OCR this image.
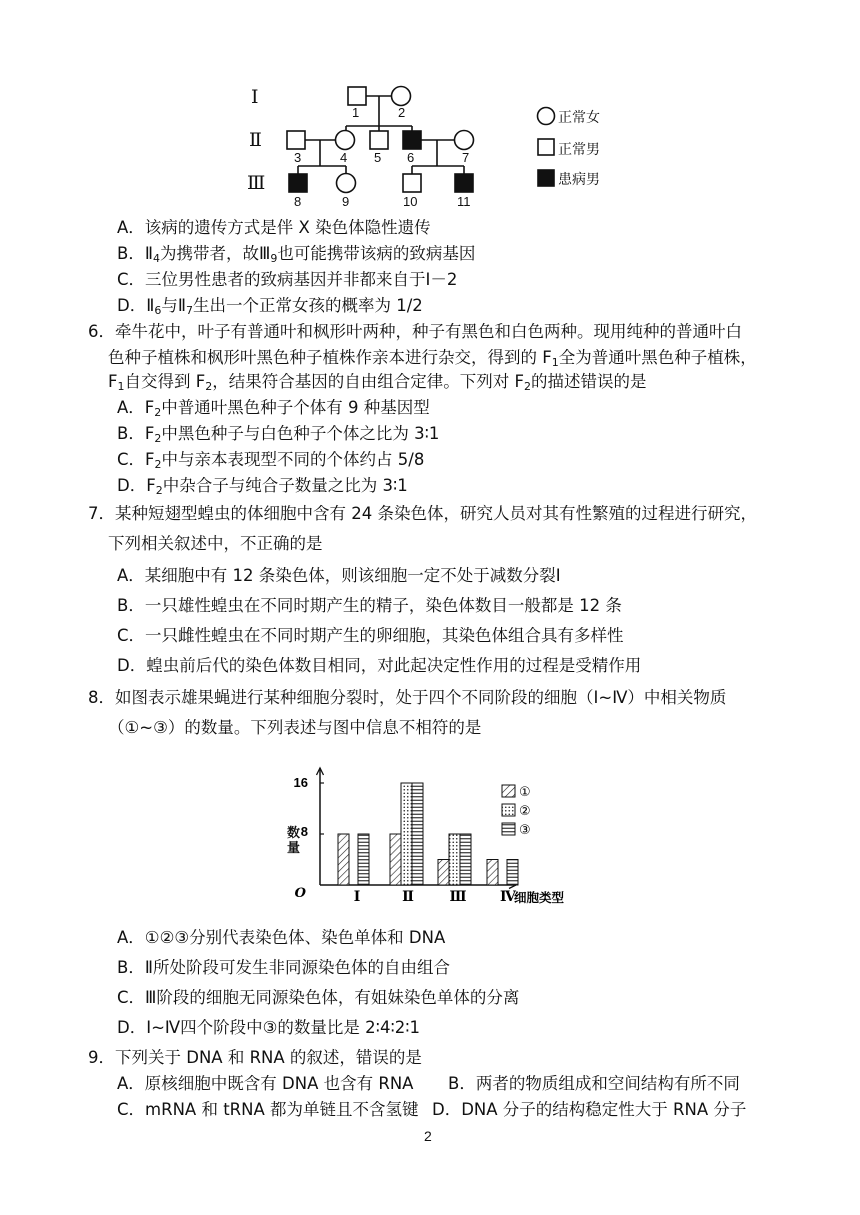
Ⅰ
Ⅱ
Ⅲ
1	2
3	4 5 6	7
8	9	10	11
正常女
正常男
患病男
A．该病的遗传方式是伴 X 染色体隐性遗传
B．$Ⅱ_4$为携带者，故$Ⅲ_9$也可能携带该病的致病基因
C．三位男性患者的致病基因并非都来自于Ⅰ－2
D．$Ⅱ_6$与$Ⅱ_7$生出一个正常女孩的概率为 1/2
6．牵牛花中，叶子有普通叶和枫形叶两种，种子有黑色和白色两种。现用纯种的普通叶白
色种子植株和枫形叶黑色种子植株作亲本进行杂交，得到的 $F_1$全为普通叶黑色种子植株，
$F_1$自交得到 $F_2$，结果符合基因的自由组合定律。下列对 $F_2$的描述错误的是
A．$F_2$中普通叶黑色种子个体有 9 种基因型
B．$F_2$中黑色种子与白色种子个体之比为 3∶1
C．$F_2$中与亲本表现型不同的个体约占 5/8
D．$F_2$中杂合子与纯合子数量之比为 3∶1
7．某种短翅型蝗虫的体细胞中含有 24 条染色体，研究人员对其有性繁殖的过程进行研究，
下列相关叙述中，不正确的是
A．某细胞中有 12 条染色体，则该细胞一定不处于减数分裂Ⅰ
B．一只雄性蝗虫在不同时期产生的精子，染色体数目一般都是 12 条
C．一只雌性蝗虫在不同时期产生的卵细胞，其染色体组合具有多样性
D．蝗虫前后代的染色体数目相同，对此起决定性作用的过程是受精作用
8．如图表示雄果蝇进行某种细胞分裂时，处于四个不同阶段的细胞（Ⅰ~Ⅳ）中相关物质
（①~③）的数量。下列表述与图中信息不相符的是
16
8
O	Ⅰ	Ⅱ	Ⅲ Ⅳ
细胞类型
①
②
③
数量
A．①②③分别代表染色体、染色单体和 DNA
B．Ⅱ所处阶段可发生非同源染色体的自由组合
C．Ⅲ阶段的细胞无同源染色体，有姐妹染色单体的分离
D．Ⅰ~Ⅳ四个阶段中③的数量比是 2∶4∶2∶1
9．下列关于 DNA 和 RNA 的叙述，错误的是
A．原核细胞中既含有 DNA 也含有 RNA B．两者的物质组成和空间结构有所不同
C．mRNA 和 tRNA 都为单链且不含氢键 D．DNA 分子的结构稳定性大于 RNA 分子
2
